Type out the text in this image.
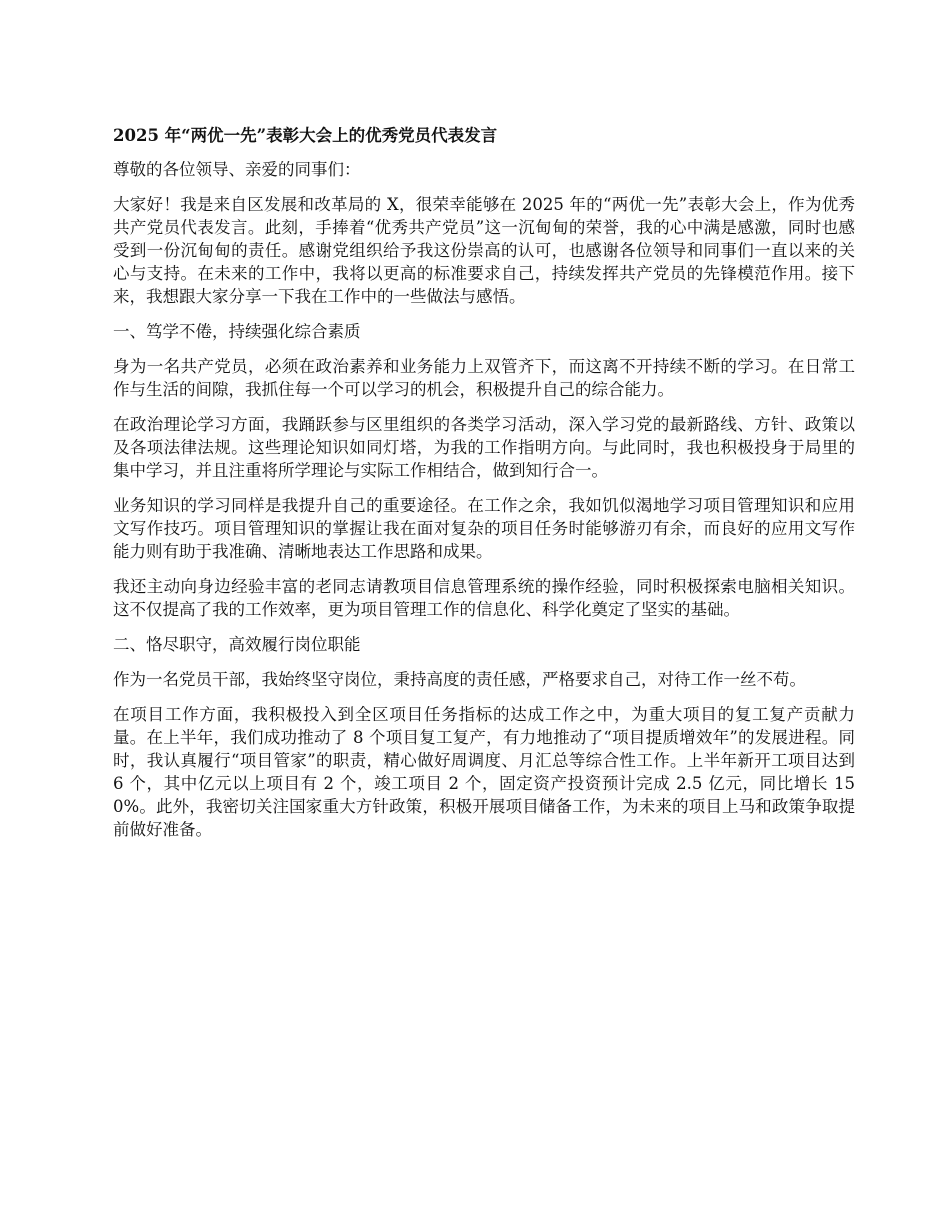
2025 年“两优一先”表彰大会上的优秀党员代表发言

尊敬的各位领导、亲爱的同事们：

大家好！我是来自区发展和改革局的 X，很荣幸能够在 2025 年的“两优一先”表彰大会上，作为优秀共产党员代表发言。此刻，手捧着“优秀共产党员”这一沉甸甸的荣誉，我的心中满是感激，同时也感受到一份沉甸甸的责任。感谢党组织给予我这份崇高的认可，也感谢各位领导和同事们一直以来的关心与支持。在未来的工作中，我将以更高的标准要求自己，持续发挥共产党员的先锋模范作用。接下来，我想跟大家分享一下我在工作中的一些做法与感悟。

一、笃学不倦，持续强化综合素质

身为一名共产党员，必须在政治素养和业务能力上双管齐下，而这离不开持续不断的学习。在日常工作与生活的间隙，我抓住每一个可以学习的机会，积极提升自己的综合能力。

在政治理论学习方面，我踊跃参与区里组织的各类学习活动，深入学习党的最新路线、方针、政策以及各项法律法规。这些理论知识如同灯塔，为我的工作指明方向。与此同时，我也积极投身于局里的集中学习，并且注重将所学理论与实际工作相结合，做到知行合一。

业务知识的学习同样是我提升自己的重要途径。在工作之余，我如饥似渴地学习项目管理知识和应用文写作技巧。项目管理知识的掌握让我在面对复杂的项目任务时能够游刃有余，而良好的应用文写作能力则有助于我准确、清晰地表达工作思路和成果。

我还主动向身边经验丰富的老同志请教项目信息管理系统的操作经验，同时积极探索电脑相关知识。这不仅提高了我的工作效率，更为项目管理工作的信息化、科学化奠定了坚实的基础。

二、恪尽职守，高效履行岗位职能

作为一名党员干部，我始终坚守岗位，秉持高度的责任感，严格要求自己，对待工作一丝不苟。

在项目工作方面，我积极投入到全区项目任务指标的达成工作之中，为重大项目的复工复产贡献力量。在上半年，我们成功推动了 8 个项目复工复产，有力地推动了“项目提质增效年”的发展进程。同时，我认真履行“项目管家”的职责，精心做好周调度、月汇总等综合性工作。上半年新开工项目达到 6 个，其中亿元以上项目有 2 个，竣工项目 2 个，固定资产投资预计完成 2.5 亿元，同比增长 150%。此外，我密切关注国家重大方针政策，积极开展项目储备工作，为未来的项目上马和政策争取提前做好准备。
